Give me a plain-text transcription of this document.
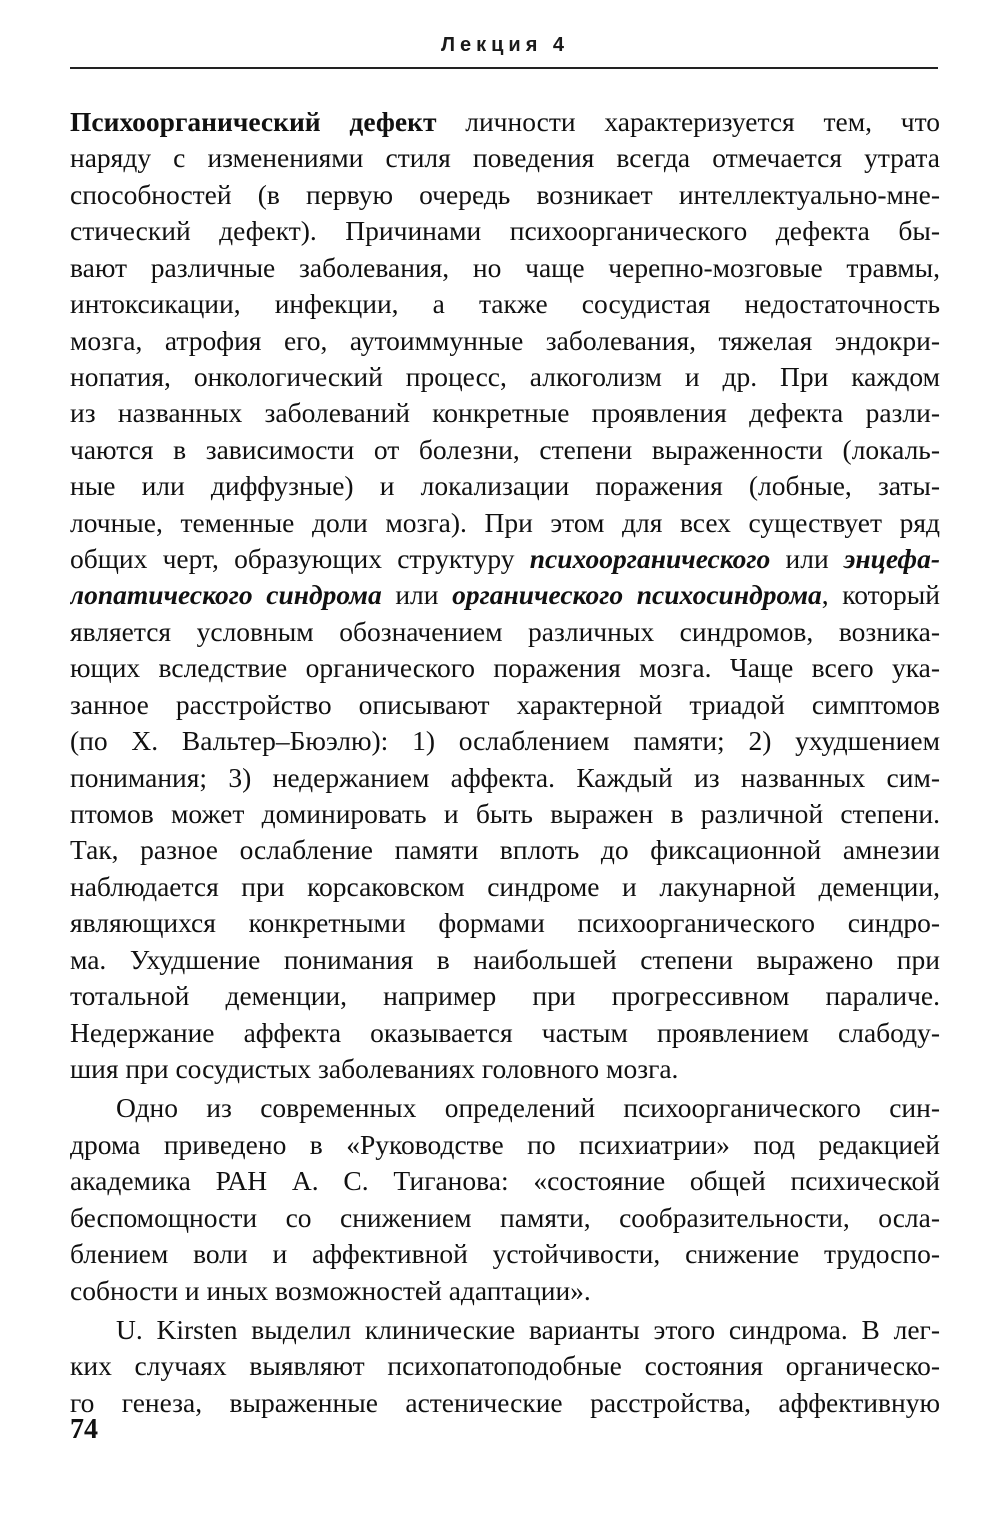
Лекция 4
Психоорганический дефект личности характеризуется тем, что
наряду с изменениями стиля поведения всегда отмечается утрата
способностей (в первую очередь возникает интеллектуально-мне-
стический дефект). Причинами психоорганического дефекта бы-
вают различные заболевания, но чаще черепно-мозговые травмы,
интоксикации, инфекции, а также сосудистая недостаточность
мозга, атрофия его, аутоиммунные заболевания, тяжелая эндокри-
нопатия, онкологический процесс, алкоголизм и др. При каждом
из названных заболеваний конкретные проявления дефекта разли-
чаются в зависимости от болезни, степени выраженности (локаль-
ные или диффузные) и локализации поражения (лобные, заты-
лочные, теменные доли мозга). При этом для всех существует ряд
общих черт, образующих структуру психоорганического или энцефа-
лопатического синдрома или органического психосиндрома, который
является условным обозначением различных синдромов, возника-
ющих вследствие органического поражения мозга. Чаще всего ука-
занное расстройство описывают характерной триадой симптомов
(по Х. Вальтер–Бюэлю): 1) ослаблением памяти; 2) ухудшением
понимания; 3) недержанием аффекта. Каждый из названных сим-
птомов может доминировать и быть выражен в различной степени.
Так, разное ослабление памяти вплоть до фиксационной амнезии
наблюдается при корсаковском синдроме и лакунарной деменции,
являющихся конкретными формами психоорганического синдро-
ма. Ухудшение понимания в наибольшей степени выражено при
тотальной деменции, например при прогрессивном параличе.
Недержание аффекта оказывается частым проявлением слабоду-
шия при сосудистых заболеваниях головного мозга.
Одно из современных определений психоорганического син-
дрома приведено в «Руководстве по психиатрии» под редакцией
академика РАН А. С. Тиганова: «состояние общей психической
беспомощности со снижением памяти, сообразительности, осла-
блением воли и аффективной устойчивости, снижение трудоспо-
собности и иных возможностей адаптации».
U. Kirsten выделил клинические варианты этого синдрома. В лег-
ких случаях выявляют психопатоподобные состояния органическо-
го генеза, выраженные астенические расстройства, аффективную
74
